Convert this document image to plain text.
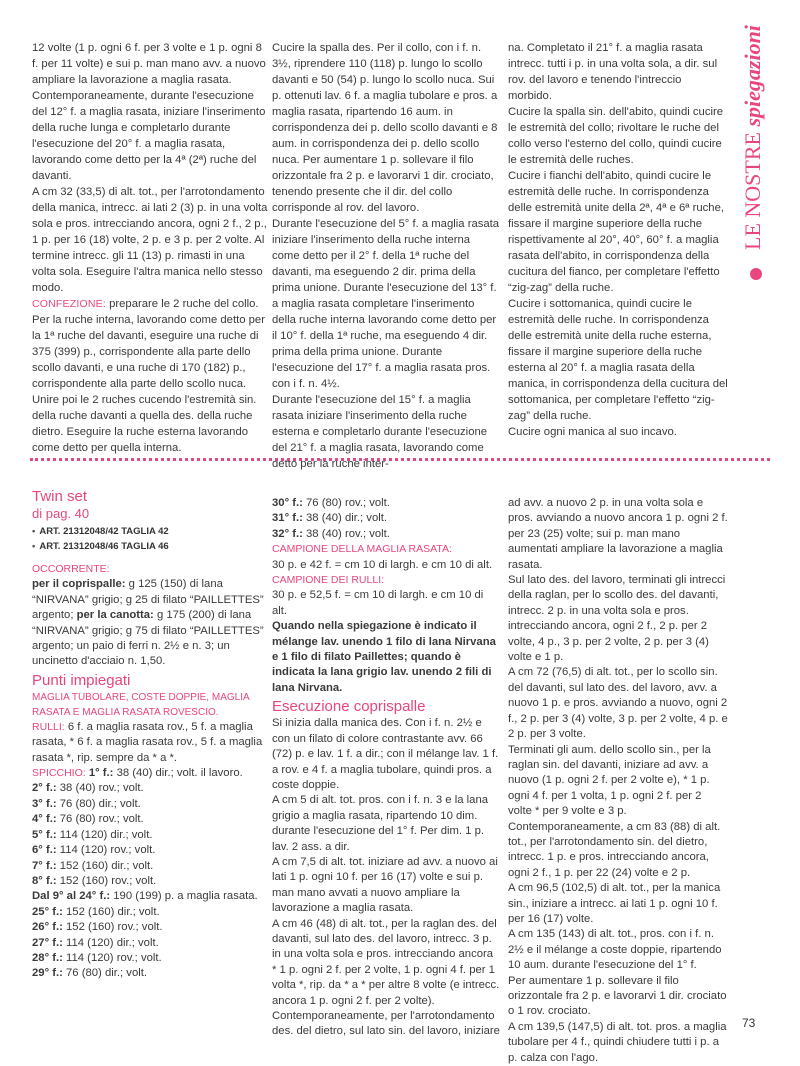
LE NOSTRE spiegazioni

12 volte (1 p. ogni 6 f. per 3 volte e 1 p. ogni 8 f. per 11 volte) e sui p. man mano avv. a nuovo ampliare la lavorazione a maglia rasata.

Contemporaneamente, durante l'esecuzione del 12° f. a maglia rasata, iniziare l'inserimento della ruche lunga e completarlo durante l'esecuzione del 20° f. a maglia rasata, lavorando come detto per la 4ª (2ª) ruche del davanti.

A cm 32 (33,5) di alt. tot., per l'arrotondamento della manica, intrecc. ai lati 2 (3) p. in una volta sola e pros. intrecciando ancora, ogni 2 f., 2 p., 1 p. per 16 (18) volte, 2 p. e 3 p. per 2 volte. Al termine intrecc. gli 11 (13) p. rimasti in una volta sola. Eseguire l'altra manica nello stesso modo.

CONFEZIONE: preparare le 2 ruche del collo. Per la ruche interna, lavorando come detto per la 1ª ruche del davanti, eseguire una ruche di 375 (399) p., corrispondente alla parte dello scollo davanti, e una ruche di 170 (182) p., corrispondente alla parte dello scollo nuca. Unire poi le 2 ruches cucendo l'estremità sin. della ruche davanti a quella des. della ruche dietro. Eseguire la ruche esterna lavorando come detto per quella interna.

Cucire la spalla des. Per il collo, con i f. n. 3½, riprendere 110 (118) p. lungo lo scollo davanti e 50 (54) p. lungo lo scollo nuca. Sui p. ottenuti lav. 6 f. a maglia tubolare e pros. a maglia rasata, ripartendo 16 aum. in corrispondenza dei p. dello scollo davanti e 8 aum. in corrispondenza dei p. dello scollo nuca. Per aumentare 1 p. sollevare il filo orizzontale fra 2 p. e lavorarvi 1 dir. crociato, tenendo presente che il dir. del collo corrisponde al rov. del lavoro.

Durante l'esecuzione del 5° f. a maglia rasata iniziare l'inserimento della ruche interna come detto per il 2° f. della 1ª ruche del davanti, ma eseguendo 2 dir. prima della prima unione. Durante l'esecuzione del 13° f. a maglia rasata completare l'inserimento della ruche interna lavorando come detto per il 10° f. della 1ª ruche, ma eseguendo 4 dir. prima della prima unione. Durante l'esecuzione del 17° f. a maglia rasata pros. con i f. n. 4½.

Durante l'esecuzione del 15° f. a maglia rasata iniziare l'inserimento della ruche esterna e completarlo durante l'esecuzione del 21° f. a maglia rasata, lavorando come detto per la ruche inter-

na. Completato il 21° f. a maglia rasata intrecc. tutti i p. in una volta sola, a dir. sul rov. del lavoro e tenendo l'intreccio morbido.

Cucire la spalla sin. dell'abito, quindi cucire le estremità del collo; rivoltare le ruche del collo verso l'esterno del collo, quindi cucire le estremità delle ruches.

Cucire i fianchi dell'abito, quindi cucire le estremità delle ruche. In corrispondenza delle estremità unite della 2ª, 4ª e 6ª ruche, fissare il margine superiore della ruche rispettivamente al 20°, 40°, 60° f. a maglia rasata dell'abito, in corrispondenza della cucitura del fianco, per completare l'effetto “zig-zag” della ruche.

Cucire i sottomanica, quindi cucire le estremità delle ruche. In corrispondenza delle estremità unite della ruche esterna, fissare il margine superiore della ruche esterna al 20° f. a maglia rasata della manica, in corrispondenza della cucitura del sottomanica, per completare l'effetto “zig-zag” della ruche.

Cucire ogni manica al suo incavo.

Twin set
di pag. 40
• ART. 21312048/42 TAGLIA 42
• ART. 21312048/46 TAGLIA 46
OCCORRENTE:

per il coprispalle: g 125 (150) di lana “NIRVANA” grigio; g 25 di filato “PAILLETTES” argento; per la canotta: g 175 (200) di lana “NIRVANA” grigio; g 75 di filato “PAILLETTES” argento; un paio di ferri n. 2½ e n. 3; un uncinetto d'acciaio n. 1,50.

Punti impiegati
MAGLIA TUBOLARE, COSTE DOPPIE, MAGLIA RASATA E MAGLIA RASATA ROVESCIO.

RULLI: 6 f. a maglia rasata rov., 5 f. a maglia rasata, * 6 f. a maglia rasata rov., 5 f. a maglia rasata *, rip. sempre da * a *.

SPICCHIO: 1° f.: 38 (40) dir.; volt. il lavoro.
2° f.: 38 (40) rov.; volt.
3° f.: 76 (80) dir.; volt.
4° f.: 76 (80) rov.; volt.
5° f.: 114 (120) dir.; volt.
6° f.: 114 (120) rov.; volt.
7° f.: 152 (160) dir.; volt.
8° f.: 152 (160) rov.; volt.
Dal 9° al 24° f.: 190 (199) p. a maglia rasata.
25° f.: 152 (160) dir.; volt.
26° f.: 152 (160) rov.; volt.
27° f.: 114 (120) dir.; volt.
28° f.: 114 (120) rov.; volt.
29° f.: 76 (80) dir.; volt.
30° f.: 76 (80) rov.; volt.
31° f.: 38 (40) dir.; volt.
32° f.: 38 (40) rov.; volt.
CAMPIONE DELLA MAGLIA RASATA:
30 p. e 42 f. = cm 10 di largh. e cm 10 di alt.
CAMPIONE DEI RULLI:
30 p. e 52,5 f. = cm 10 di largh. e cm 10 di alt.

Quando nella spiegazione è indicato il mélange lav. unendo 1 filo di lana Nirvana e 1 filo di filato Paillettes; quando è indicata la lana grigio lav. unendo 2 fili di lana Nirvana.

Esecuzione coprispalle

Si inizia dalla manica des. Con i f. n. 2½ e con un filato di colore contrastante avv. 66 (72) p. e lav. 1 f. a dir.; con il mélange lav. 1 f. a rov. e 4 f. a maglia tubolare, quindi pros. a coste doppie.

A cm 5 di alt. tot. pros. con i f. n. 3 e la lana grigio a maglia rasata, ripartendo 10 dim. durante l'esecuzione del 1° f. Per dim. 1 p. lav. 2 ass. a dir.

A cm 7,5 di alt. tot. iniziare ad avv. a nuovo ai lati 1 p. ogni 10 f. per 16 (17) volte e sui p. man mano avvati a nuovo ampliare la lavorazione a maglia rasata.

A cm 46 (48) di alt. tot., per la raglan des. del davanti, sul lato des. del lavoro, intrecc. 3 p. in una volta sola e pros. intrecciando ancora * 1 p. ogni 2 f. per 2 volte, 1 p. ogni 4 f. per 1 volta *, rip. da * a * per altre 8 volte (e intrecc. ancora 1 p. ogni 2 f. per 2 volte).

Contemporaneamente, per l'arrotondamento des. del dietro, sul lato sin. del lavoro, iniziare

ad avv. a nuovo 2 p. in una volta sola e pros. avviando a nuovo ancora 1 p. ogni 2 f. per 23 (25) volte; sui p. man mano aumentati ampliare la lavorazione a maglia rasata.

Sul lato des. del lavoro, terminati gli intrecci della raglan, per lo scollo des. del davanti, intrecc. 2 p. in una volta sola e pros. intrecciando ancora, ogni 2 f., 2 p. per 2 volte, 4 p., 3 p. per 2 volte, 2 p. per 3 (4) volte e 1 p.

A cm 72 (76,5) di alt. tot., per lo scollo sin. del davanti, sul lato des. del lavoro, avv. a nuovo 1 p. e pros. avviando a nuovo, ogni 2 f., 2 p. per 3 (4) volte, 3 p. per 2 volte, 4 p. e 2 p. per 3 volte.

Terminati gli aum. dello scollo sin., per la raglan sin. del davanti, iniziare ad avv. a nuovo (1 p. ogni 2 f. per 2 volte e), * 1 p. ogni 4 f. per 1 volta, 1 p. ogni 2 f. per 2 volte * per 9 volte e 3 p.

Contemporaneamente, a cm 83 (88) di alt. tot., per l'arrotondamento sin. del dietro, intrecc. 1 p. e pros. intrecciando ancora, ogni 2 f., 1 p. per 22 (24) volte e 2 p.

A cm 96,5 (102,5) di alt. tot., per la manica sin., iniziare a intrecc. ai lati 1 p. ogni 10 f. per 16 (17) volte.

A cm 135 (143) di alt. tot., pros. con i f. n. 2½ e il mélange a coste doppie, ripartendo 10 aum. durante l'esecuzione del 1° f.

Per aumentare 1 p. sollevare il filo orizzontale fra 2 p. e lavorarvi 1 dir. crociato o 1 rov. crociato.

A cm 139,5 (147,5) di alt. tot. pros. a maglia tubolare per 4 f., quindi chiudere tutti i p. a p. calza con l'ago.

73
